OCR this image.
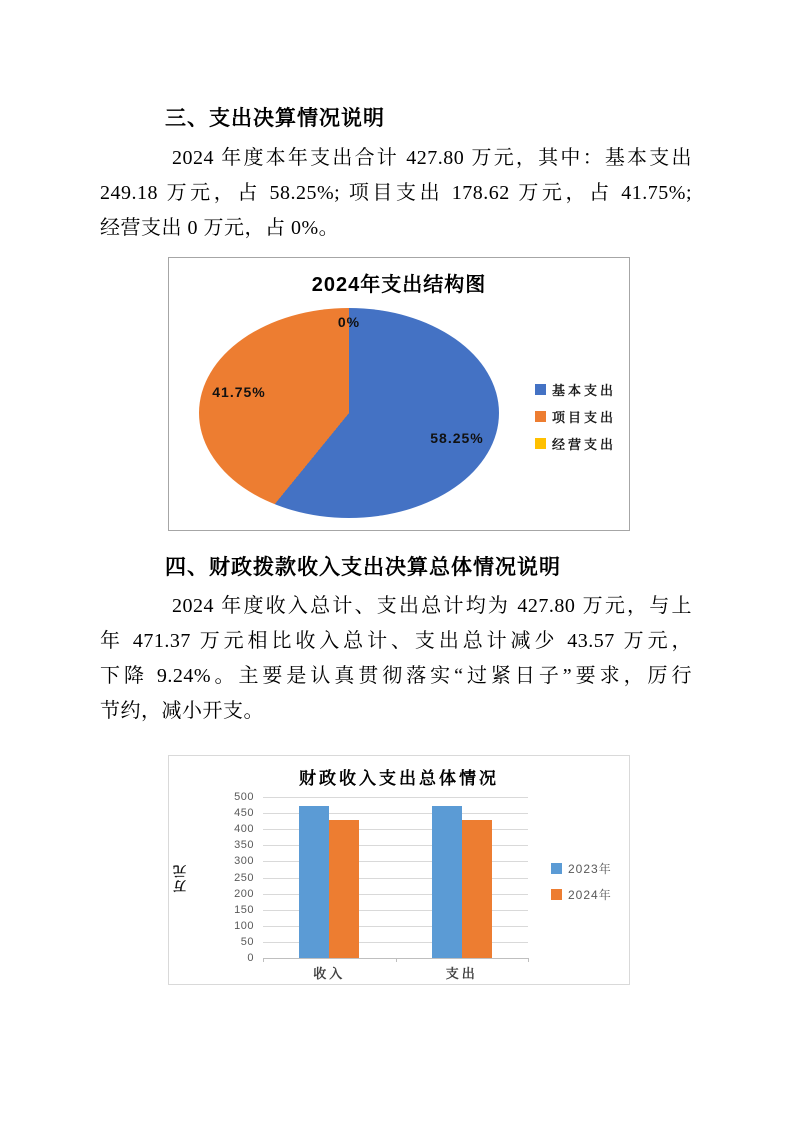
三、支出决算情况说明
2024 年度本年支出合计 427.80 万元，其中：基本支出
249.18 万元，占 58.25%; 项目支出 178.62 万元，占 41.75%;
经营支出 0 万元，占 0%。
2024年支出结构图
0%
41.75%
58.25%
基本支出
项目支出
经营支出
四、财政拨款收入支出决算总体情况说明
2024 年度收入总计、支出总计均为 427.80 万元，与上
年 471.37 万元相比收入总计、支出总计减少 43.57 万元，
下降 9.24%。主要是认真贯彻落实“过紧日子”要求，厉行
节约，减小开支。
财政收入支出总体情况
万元
0
50
100
150
200
250
300
350
400
450
500
收入	支出
2023年
2024年
